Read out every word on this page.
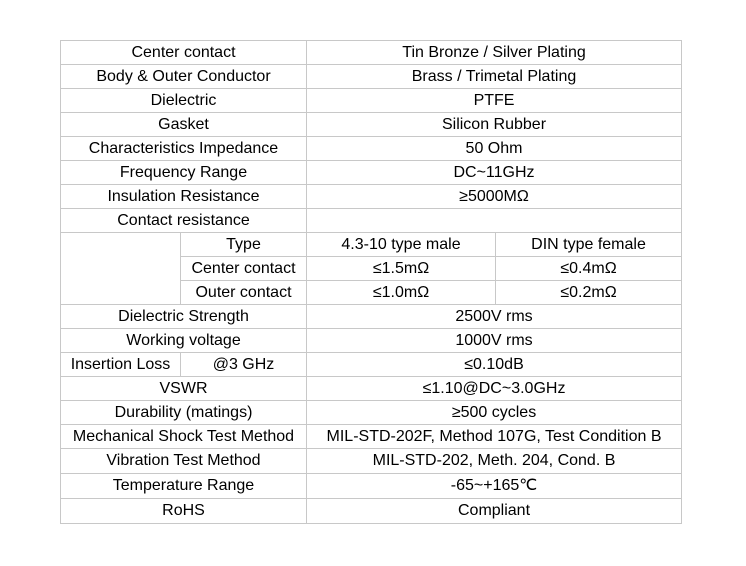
Center contact		Tin Bronze / Silver Plating	
Body & Outer Conductor		Brass / Trimetal Plating	
Dielectric		PTFE	
Gasket		Silicon Rubber	
Characteristics Impedance		50 Ohm	
Frequency Range		DC~11GHz	
Insulation Resistance		≥5000MΩ	
Contact resistance			
	Type	4.3-10 type male	DIN type female
	Center contact	≤1.5mΩ	≤0.4mΩ
	Outer contact	≤1.0mΩ	≤0.2mΩ
Dielectric Strength		2500V rms	
Working voltage		1000V rms	
Insertion Loss	@3 GHz	≤0.10dB	
VSWR		≤1.10@DC~3.0GHz	
Durability (matings)		≥500 cycles	
Mechanical Shock Test Method		MIL-STD-202F, Method 107G, Test Condition B	
Vibration Test Method		MIL-STD-202, Meth. 204, Cond. B	
Temperature Range		-65~+165℃	
RoHS		Compliant	
